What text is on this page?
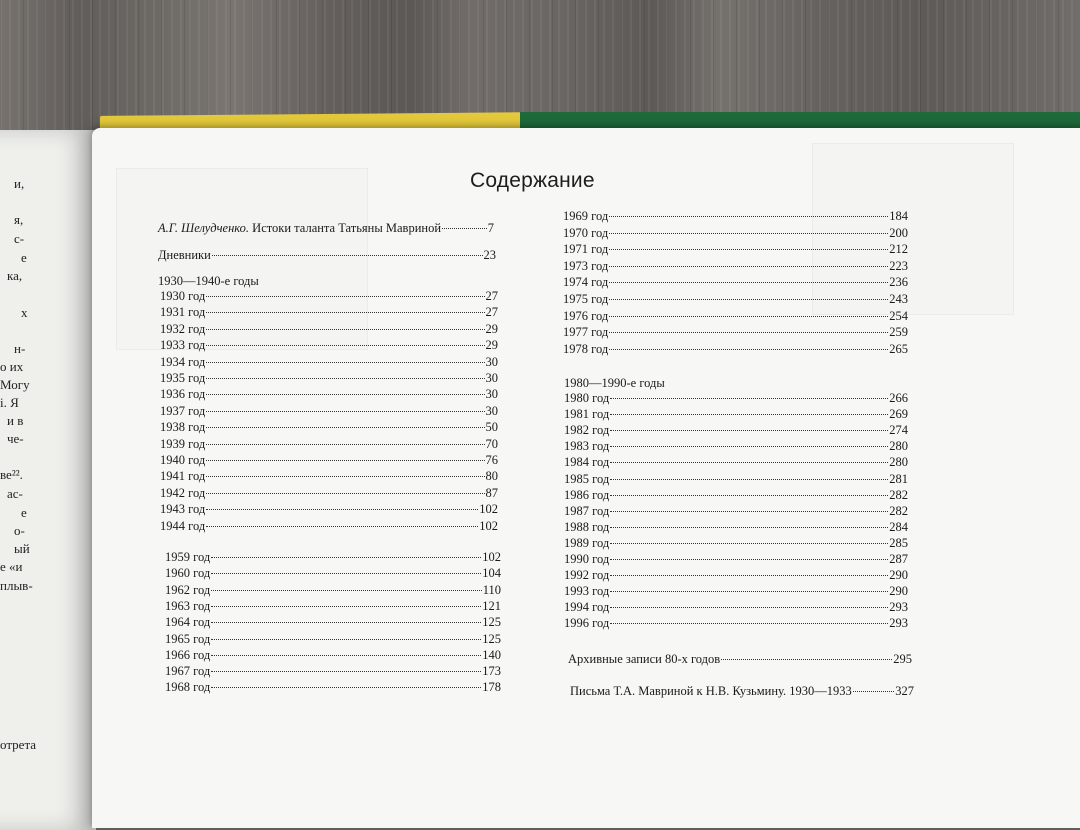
Содержание
А.Г. Шелудченко. Истоки таланта Татьяны Мавриной	7
Дневники	23
1930—1940-е годы
1930 год	27
1931 год	27
1932 год	29
1933 год	29
1934 год	30
1935 год	30
1936 год	30
1937 год	30
1938 год	50
1939 год	70
1940 год	76
1941 год	80
1942 год	87
1943 год	102
1944 год	102
1959 год	102
1960 год	104
1962 год	110
1963 год	121
1964 год	125
1965 год	125
1966 год	140
1967 год	173
1968 год	178
1969 год	184
1970 год	200
1971 год	212
1973 год	223
1974 год	236
1975 год	243
1976 год	254
1977 год	259
1978 год	265
1980—1990-е годы
1980 год	266
1981 год	269
1982 год	274
1983 год	280
1984 год	280
1985 год	281
1986 год	282
1987 год	282
1988 год	284
1989 год	285
1990 год	287
1992 год	290
1993 год	290
1994 год	293
1996 год	293
Архивные записи 80-х годов	295
Письма Т.А. Мавриной к Н.В. Кузьмину. 1930—1933	327
и,
я,
с-
е
ка,
х
н-
о их
Могу
і. Я
и в
че-
ве²².
ас-
е
о-
ый
е «и
плыв-
отрета
